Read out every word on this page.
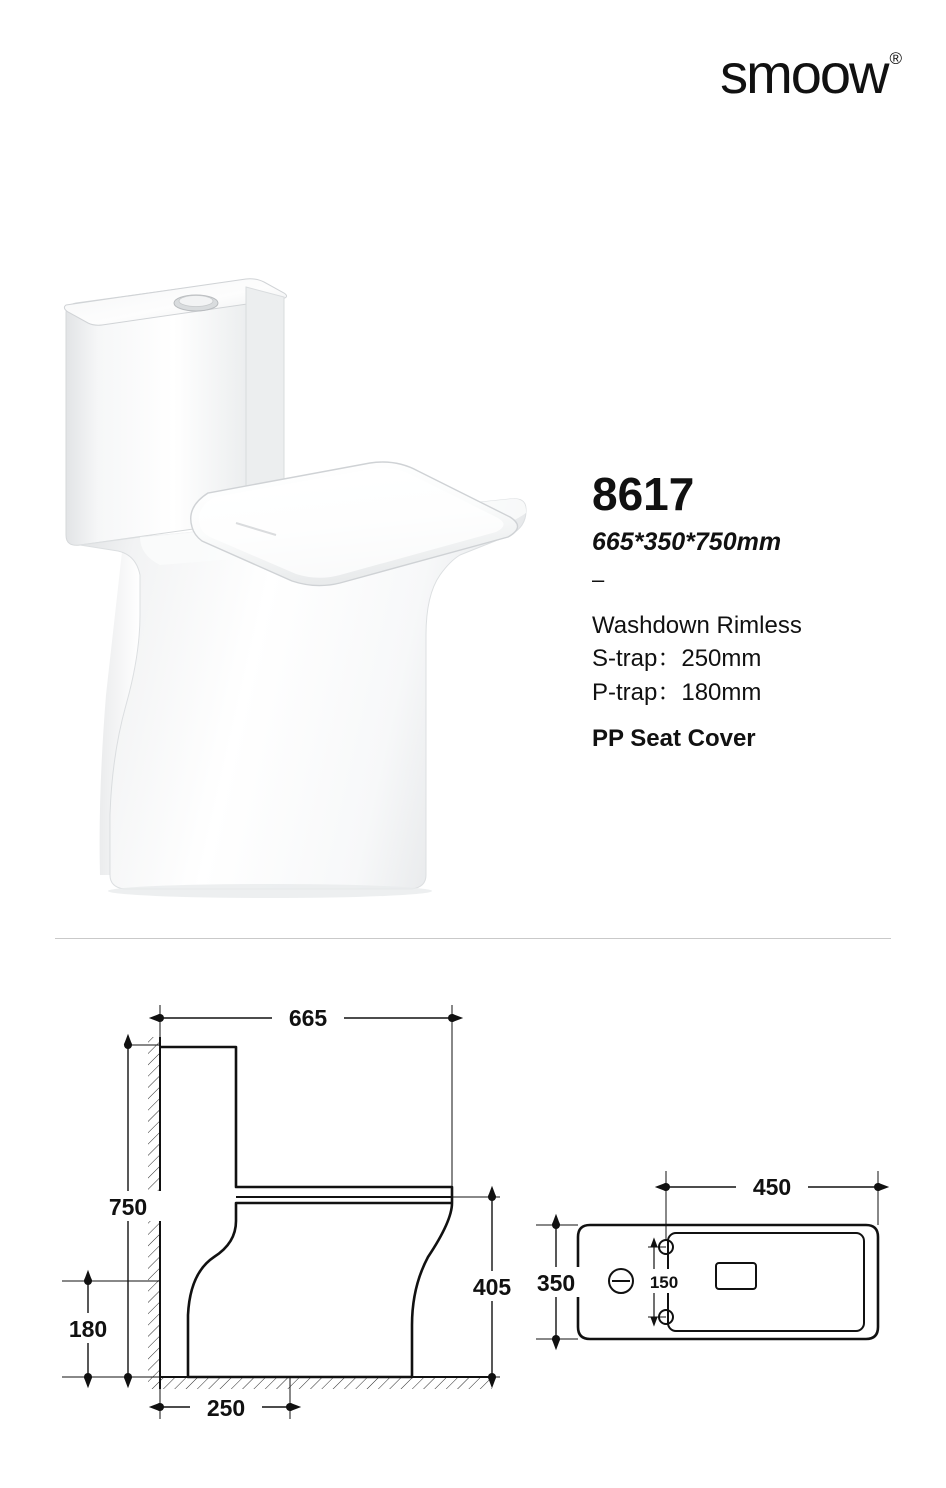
smoow ®
8617
665*350*750mm
–
Washdown Rimless
S-trap：250mm
P-trap：180mm
PP Seat Cover
665
750
405
180
250
450
350	150
